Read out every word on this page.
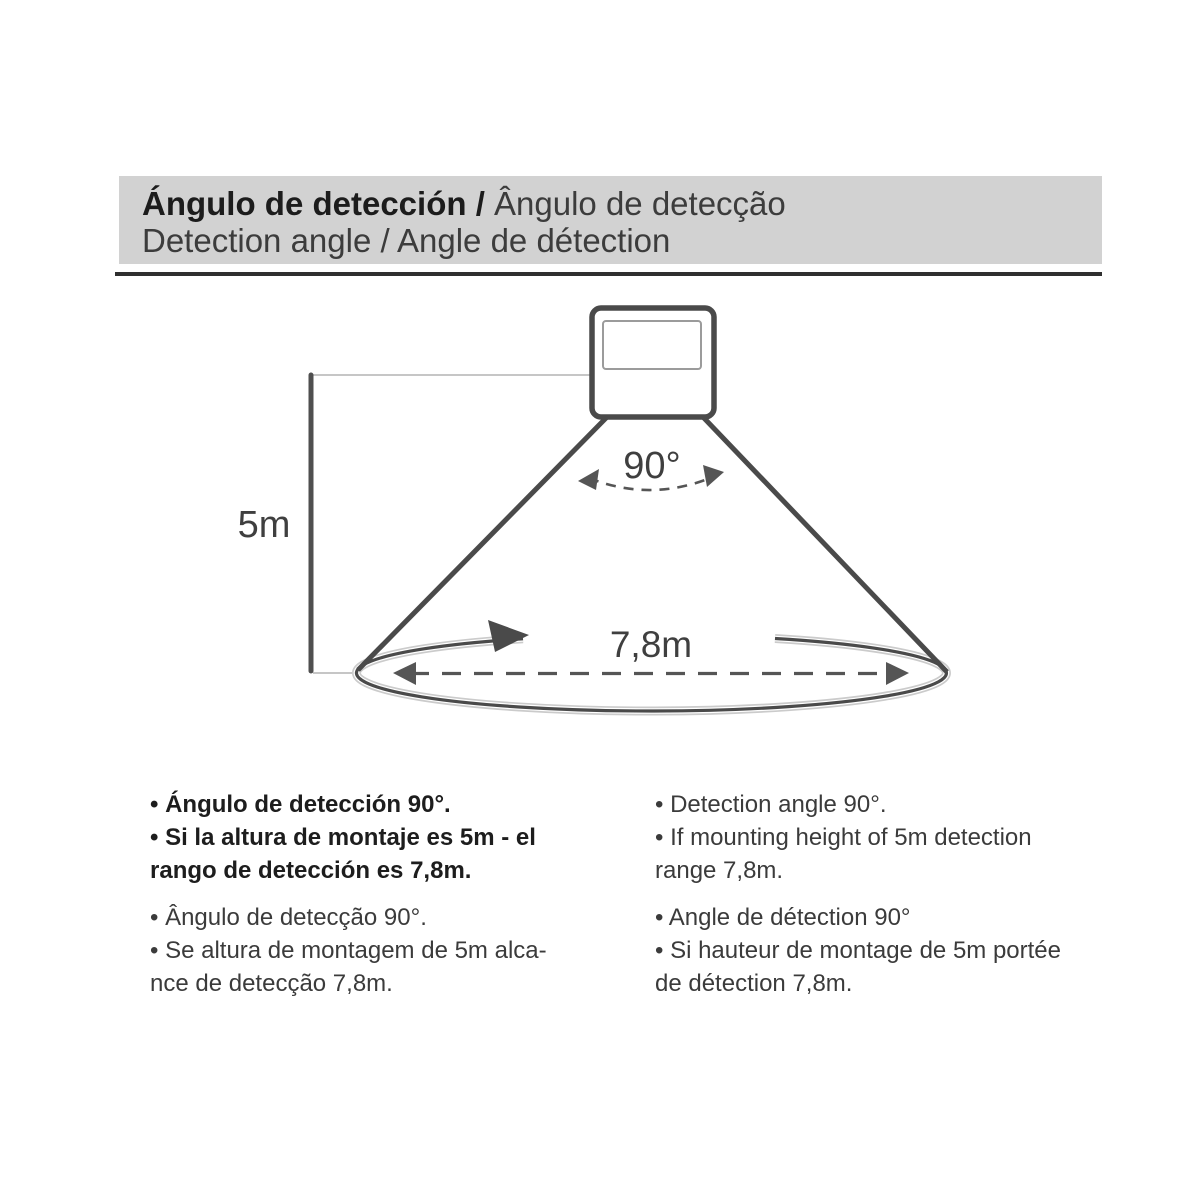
Ángulo de detección / Ângulo de detecção
Detection angle / Angle de détection
5m
90°
7,8m
• Ángulo de detección 90°.
• Si la altura de montaje es 5m - el
rango de detección es 7,8m.
• Detection angle 90°.
• If mounting height of 5m detection
range 7,8m.
• Ângulo de detecção 90°.
• Se altura de montagem de 5m alca-
nce de detecção 7,8m.
• Angle de détection 90°
• Si hauteur de montage de 5m portée
de détection 7,8m.
